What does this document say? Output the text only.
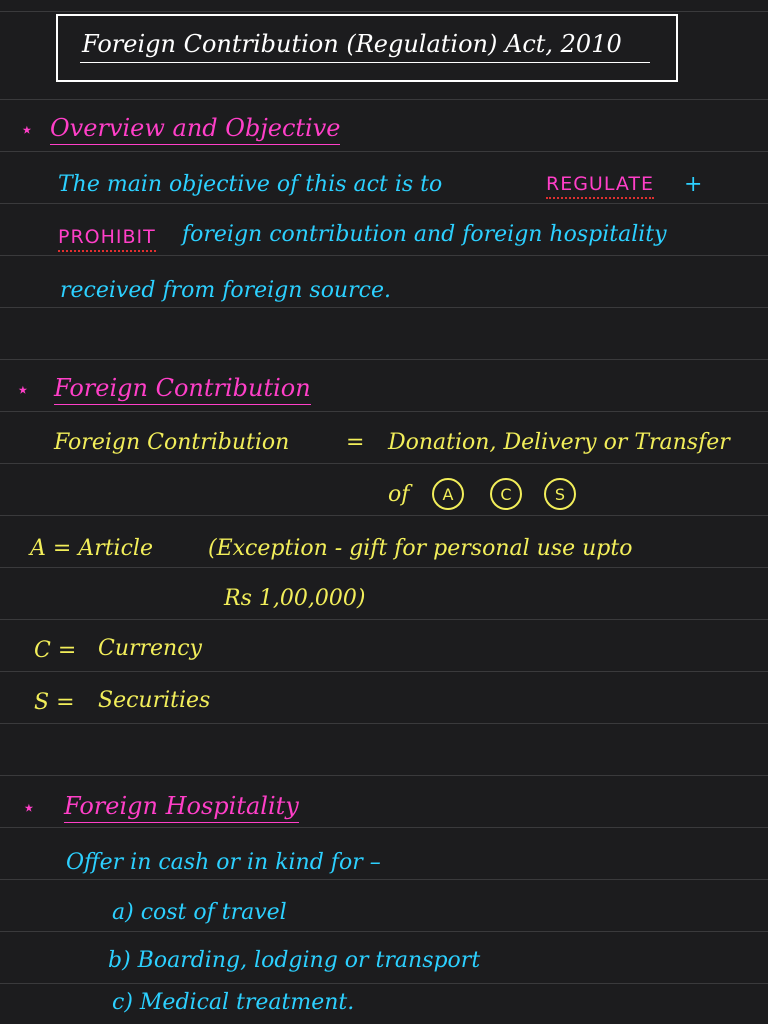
Foreign Contribution (Regulation) Act, 2010
⋆ Overview and Objective
The main objective of this act is to	REGULATE +
PROHIBIT foreign contribution and foreign hospitality
received from foreign source.
⋆ Foreign Contribution
Foreign Contribution	= Donation, Delivery or Transfer
of	A	C	S
A = Article	(Exception - gift for personal use upto
Rs 1,00,000)
C = Currency
S = Securities
⋆ Foreign Hospitality
Offer in cash or in kind for –
a) cost of travel
b) Boarding, lodging or transport
c) Medical treatment.
